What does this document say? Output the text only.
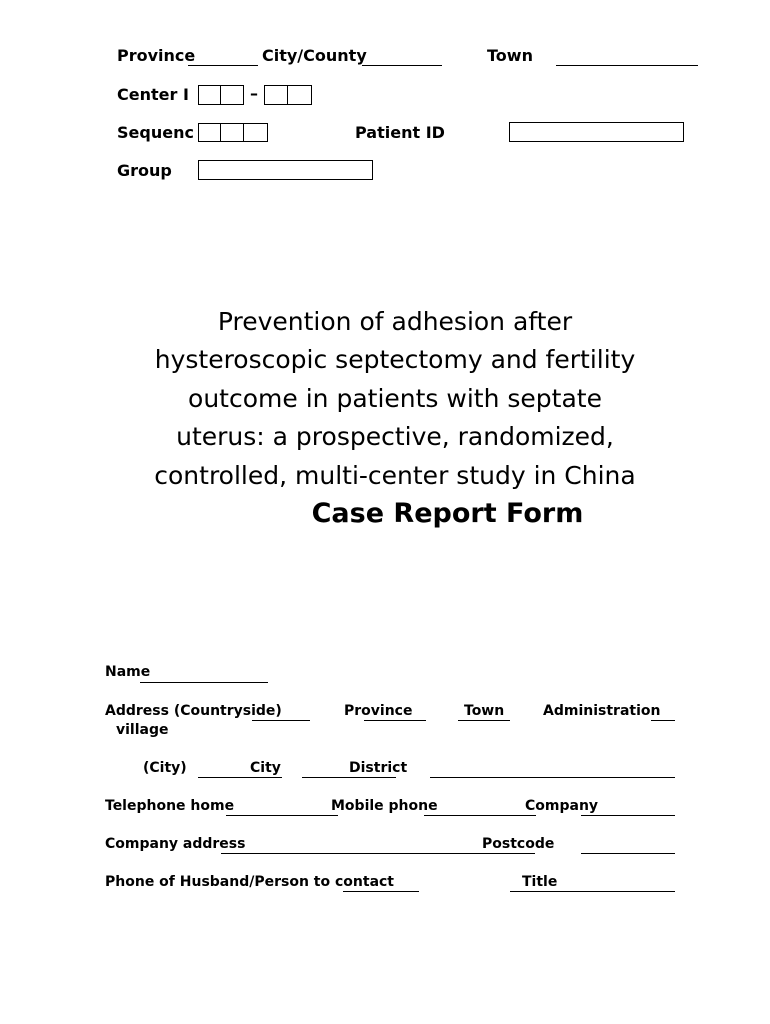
Province	City/County	Town
Center I	–
Sequenc	Patient ID
Group
Prevention of adhesion after
hysteroscopic septectomy and fertility
outcome in patients with septate
uterus: a prospective, randomized,
controlled, multi-center study in China
Case Report Form
Name
Address (Countryside)	Province	Town	Administration
village
(City)	City	District
Telephone home	Mobile phone	Company
Company address	Postcode
Phone of Husband/Person to contact	Title
